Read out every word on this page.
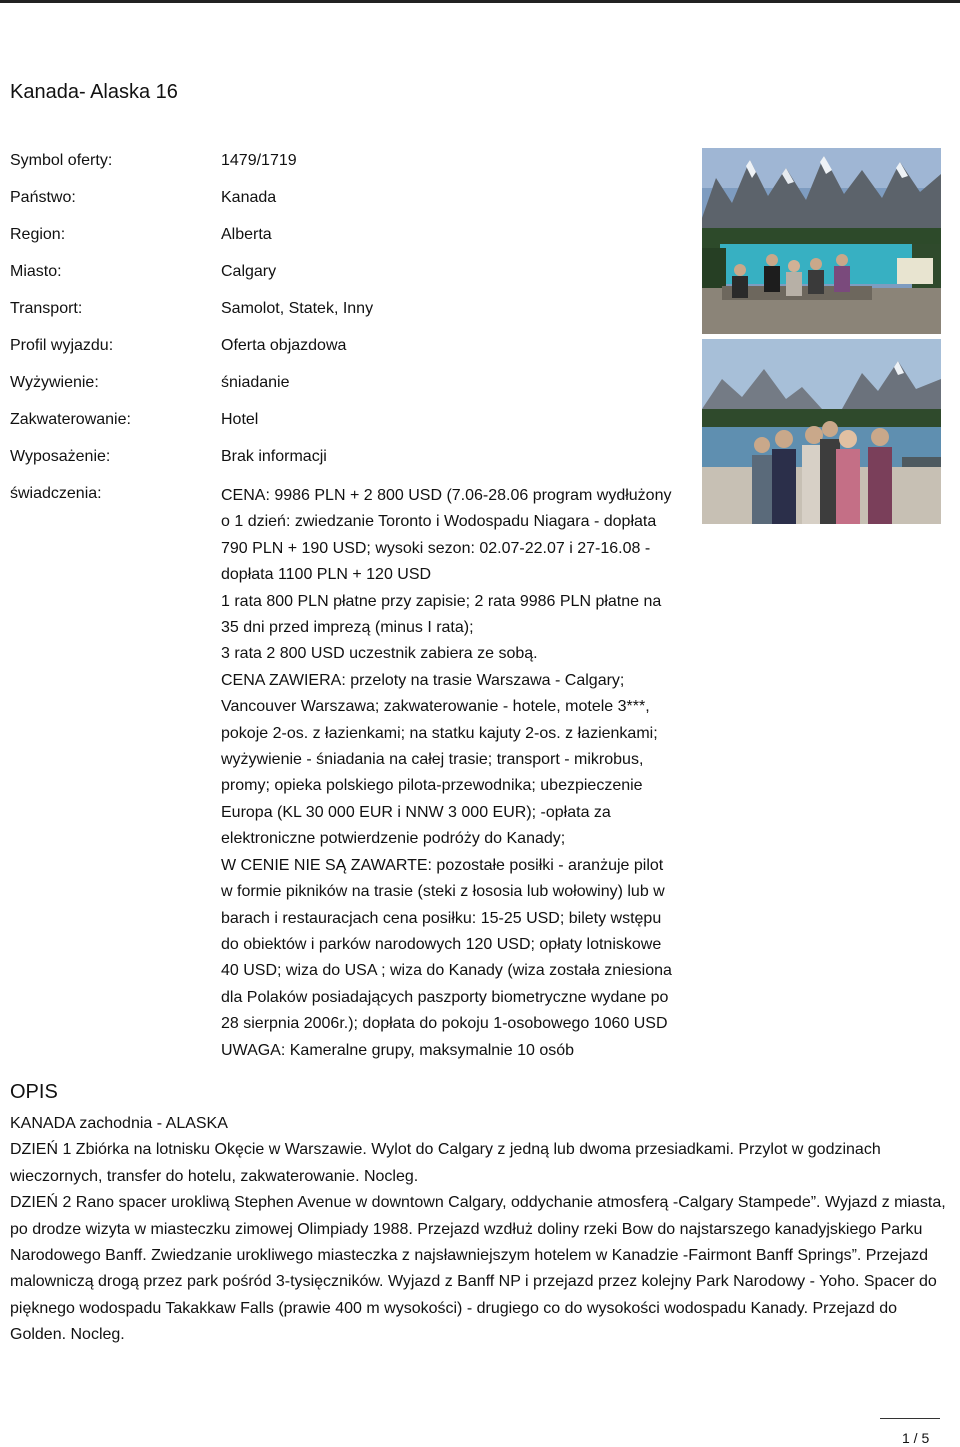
Kanada- Alaska 16
Symbol oferty:	1479/1719
Państwo:	Kanada
Region:	Alberta
Miasto:	Calgary
Transport:	Samolot, Statek, Inny
Profil wyjazdu:	Oferta objazdowa
Wyżywienie:	śniadanie
Zakwaterowanie:	Hotel
Wyposażenie:	Brak informacji
świadczenia:	CENA: 9986 PLN + 2 800 USD (7.06-28.06 program wydłużony

o 1 dzień: zwiedzanie Toronto i Wodospadu Niagara - dopłata

790 PLN + 190 USD; wysoki sezon: 02.07-22.07 i 27-16.08 -

dopłata 1100 PLN + 120 USD

1 rata 800 PLN płatne przy zapisie; 2 rata 9986 PLN płatne na

35 dni przed imprezą (minus I rata);

3 rata 2 800 USD uczestnik zabiera ze sobą.

CENA ZAWIERA: przeloty na trasie Warszawa - Calgary;

Vancouver Warszawa; zakwaterowanie - hotele, motele 3***,

pokoje 2-os. z łazienkami; na statku kajuty 2-os. z łazienkami;

wyżywienie - śniadania na całej trasie; transport - mikrobus,

promy; opieka polskiego pilota-przewodnika; ubezpieczenie

Europa (KL 30 000 EUR i NNW 3 000 EUR); -opłata za

elektroniczne potwierdzenie podróży do Kanady;

W CENIE NIE SĄ ZAWARTE: pozostałe posiłki - aranżuje pilot

w formie pikników na trasie (steki z łososia lub wołowiny) lub w

barach i restauracjach cena posiłku: 15-25 USD; bilety wstępu

do obiektów i parków narodowych 120 USD; opłaty lotniskowe

40 USD; wiza do USA ; wiza do Kanady (wiza została zniesiona

dla Polaków posiadających paszporty biometryczne wydane po

28 sierpnia 2006r.); dopłata do pokoju 1-osobowego 1060 USD

UWAGA: Kameralne grupy, maksymalnie 10 osób

OPIS

KANADA zachodnia - ALASKA

DZIEŃ 1 Zbiórka na lotnisku Okęcie w Warszawie. Wylot do Calgary z jedną lub dwoma przesiadkami. Przylot w godzinach wieczornych, transfer do hotelu, zakwaterowanie. Nocleg.

DZIEŃ 2 Rano spacer urokliwą Stephen Avenue w downtown Calgary, oddychanie atmosferą -Calgary Stampede”. Wyjazd z miasta, po drodze wizyta w miasteczku zimowej Olimpiady 1988. Przejazd wzdłuż doliny rzeki Bow do najstarszego kanadyjskiego Parku Narodowego Banff. Zwiedzanie urokliwego miasteczka z najsławniejszym hotelem w Kanadzie -Fairmont Banff Springs”. Przejazd malowniczą drogą przez park pośród 3-tysięczników. Wyjazd z Banff NP i przejazd przez kolejny Park Narodowy - Yoho. Spacer do pięknego wodospadu Takakkaw Falls (prawie 400 m wysokości) - drugiego co do wysokości wodospadu Kanady. Przejazd do Golden. Nocleg.

1 / 5
